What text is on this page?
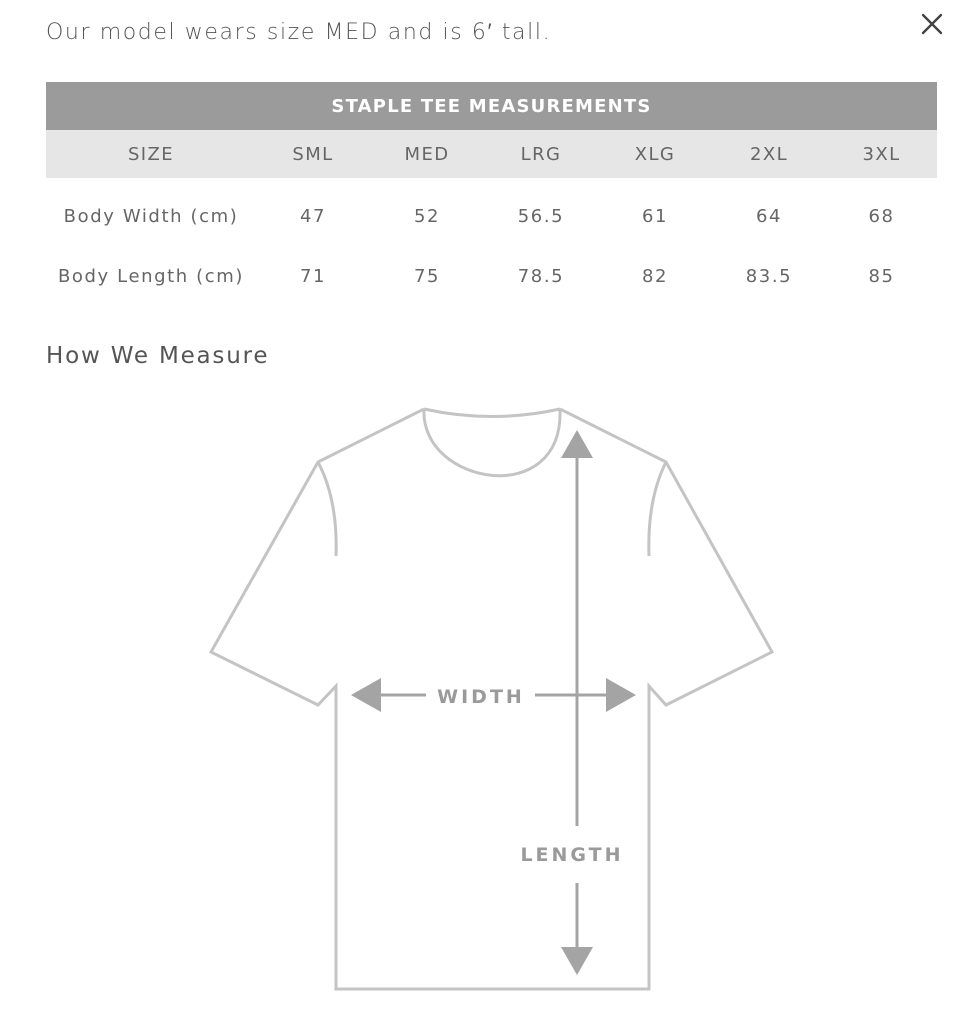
Our model wears size MED and is 6′ tall.

STAPLE TEE MEASUREMENTS
SIZE	SML	MED	LRG	XLG	2XL	3XL
Body Width (cm)	47	52	56.5	61	64	68
Body Length (cm)	71	75	78.5	82	83.5	85

How We Measure

WIDTH
LENGTH
